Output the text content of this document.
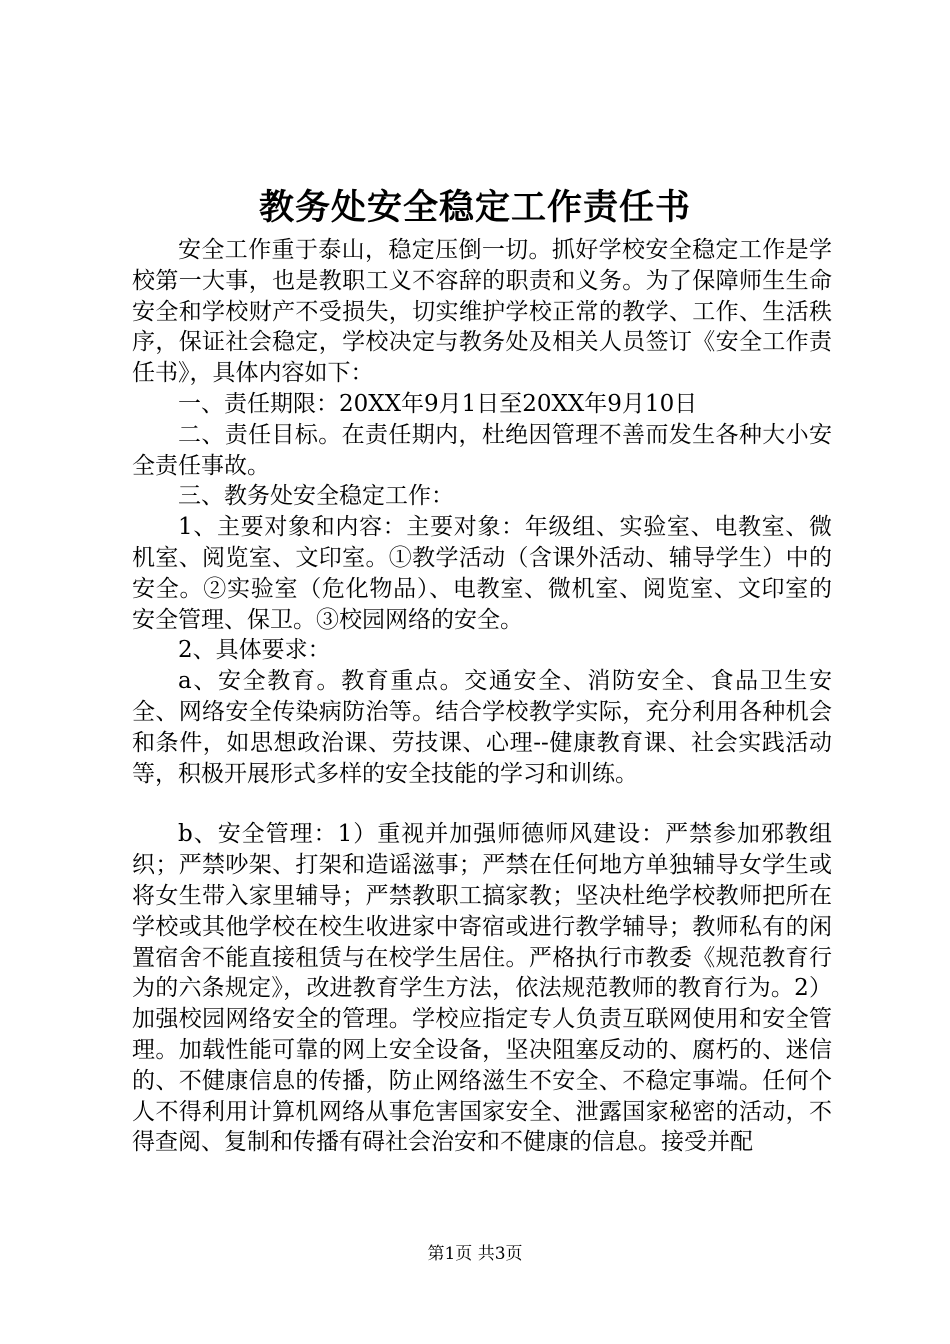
教务处安全稳定工作责任书

安全工作重于泰山，稳定压倒一切。抓好学校安全稳定工作是学校第一大事，也是教职工义不容辞的职责和义务。为了保障师生生命安全和学校财产不受损失，切实维护学校正常的教学、工作、生活秩序，保证社会稳定，学校决定与教务处及相关人员签订《安全工作责任书》，具体内容如下：

一、责任期限：20XX年9月1日至20XX年9月10日

二、责任目标。在责任期内，杜绝因管理不善而发生各种大小安全责任事故。

三、教务处安全稳定工作：

1、主要对象和内容：主要对象：年级组、实验室、电教室、微机室、阅览室、文印室。①教学活动（含课外活动、辅导学生）中的安全。②实验室（危化物品）、电教室、微机室、阅览室、文印室的安全管理、保卫。③校园网络的安全。

2、具体要求：

a、安全教育。教育重点。交通安全、消防安全、食品卫生安全、网络安全传染病防治等。结合学校教学实际，充分利用各种机会和条件，如思想政治课、劳技课、心理--健康教育课、社会实践活动等，积极开展形式多样的安全技能的学习和训练。

b、安全管理：1）重视并加强师德师风建设：严禁参加邪教组织；严禁吵架、打架和造谣滋事；严禁在任何地方单独辅导女学生或将女生带入家里辅导；严禁教职工搞家教；坚决杜绝学校教师把所在学校或其他学校在校生收进家中寄宿或进行教学辅导；教师私有的闲置宿舍不能直接租赁与在校学生居住。严格执行市教委《规范教育行为的六条规定》，改进教育学生方法，依法规范教师的教育行为。2）加强校园网络安全的管理。学校应指定专人负责互联网使用和安全管理。加载性能可靠的网上安全设备，坚决阻塞反动的、腐朽的、迷信的、不健康信息的传播，防止网络滋生不安全、不稳定事端。任何个人不得利用计算机网络从事危害国家安全、泄露国家秘密的活动，不得查阅、复制和传播有碍社会治安和不健康的信息。接受并配

第1页 共3页
